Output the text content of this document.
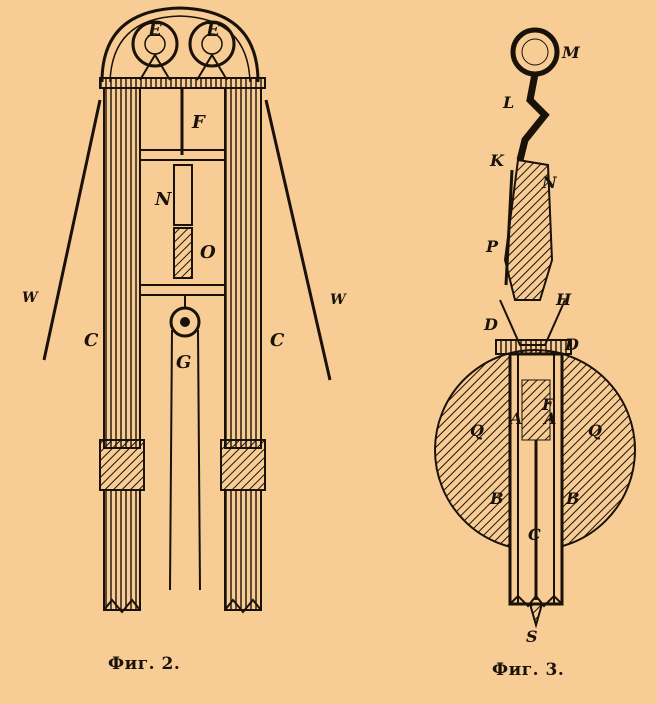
E E
F
N
O
G
C	C
W	W
M
L
K
N
P
H
D
D
F
A A
Q	Q
B	B
C
S
Фиг. 2.	Фиг. 3.
